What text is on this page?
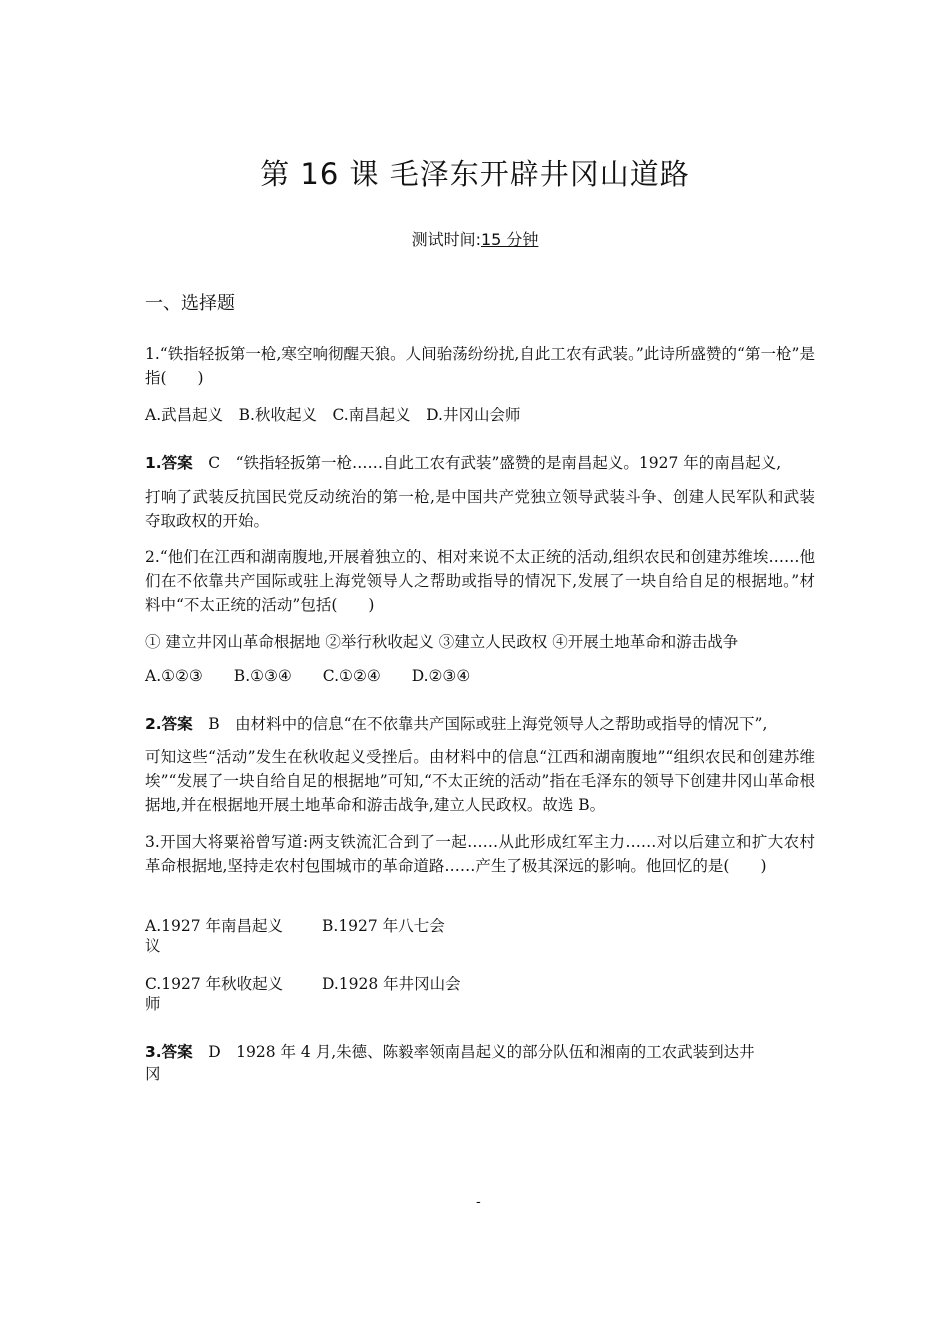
第 16 课 毛泽东开辟井冈山道路
测试时间:15 分钟
一、选择题
1.“铁指轻扳第一枪,寒空响彻醒天狼。人间骀荡纷纷扰,自此工农有武装。”此诗所盛赞的“第一枪”是指(　　)
A.武昌起义　B.秋收起义　C.南昌起义　D.井冈山会师
1.答案　 C　“铁指轻扳第一枪……自此工农有武装”盛赞的是南昌起义。1927 年的南昌起义,
打响了武装反抗国民党反动统治的第一枪,是中国共产党独立领导武装斗争、创建人民军队和武装夺取政权的开始。
2.“他们在江西和湖南腹地,开展着独立的、相对来说不太正统的活动,组织农民和创建苏维埃……他们在不依靠共产国际或驻上海党领导人之帮助或指导的情况下,发展了一块自给自足的根据地。”材料中“不太正统的活动”包括(　　)
① 建立井冈山革命根据地 ②举行秋收起义 ③建立人民政权 ④开展土地革命和游击战争
A.①②③　　B.①③④　　C.①②④　　D.②③④
2.答案　 B　由材料中的信息“在不依靠共产国际或驻上海党领导人之帮助或指导的情况下”,
可知这些“活动”发生在秋收起义受挫后。由材料中的信息“江西和湖南腹地”“组织农民和创建苏维埃”“发展了一块自给自足的根据地”可知,“不太正统的活动”指在毛泽东的领导下创建井冈山革命根据地,并在根据地开展土地革命和游击战争,建立人民政权。故选 B。
3.开国大将粟裕曾写道:两支铁流汇合到了一起……从此形成红军主力……对以后建立和扩大农村革命根据地,坚持走农村包围城市的革命道路……产生了极其深远的影响。他回忆的是(　　)
A.1927 年南昌起义	B.1927 年八七会
议
C.1927 年秋收起义	D.1928 年井冈山会
师
3.答案　 D　1928 年 4 月,朱德、陈毅率领南昌起义的部分队伍和湘南的工农武装到达井
冈
-
